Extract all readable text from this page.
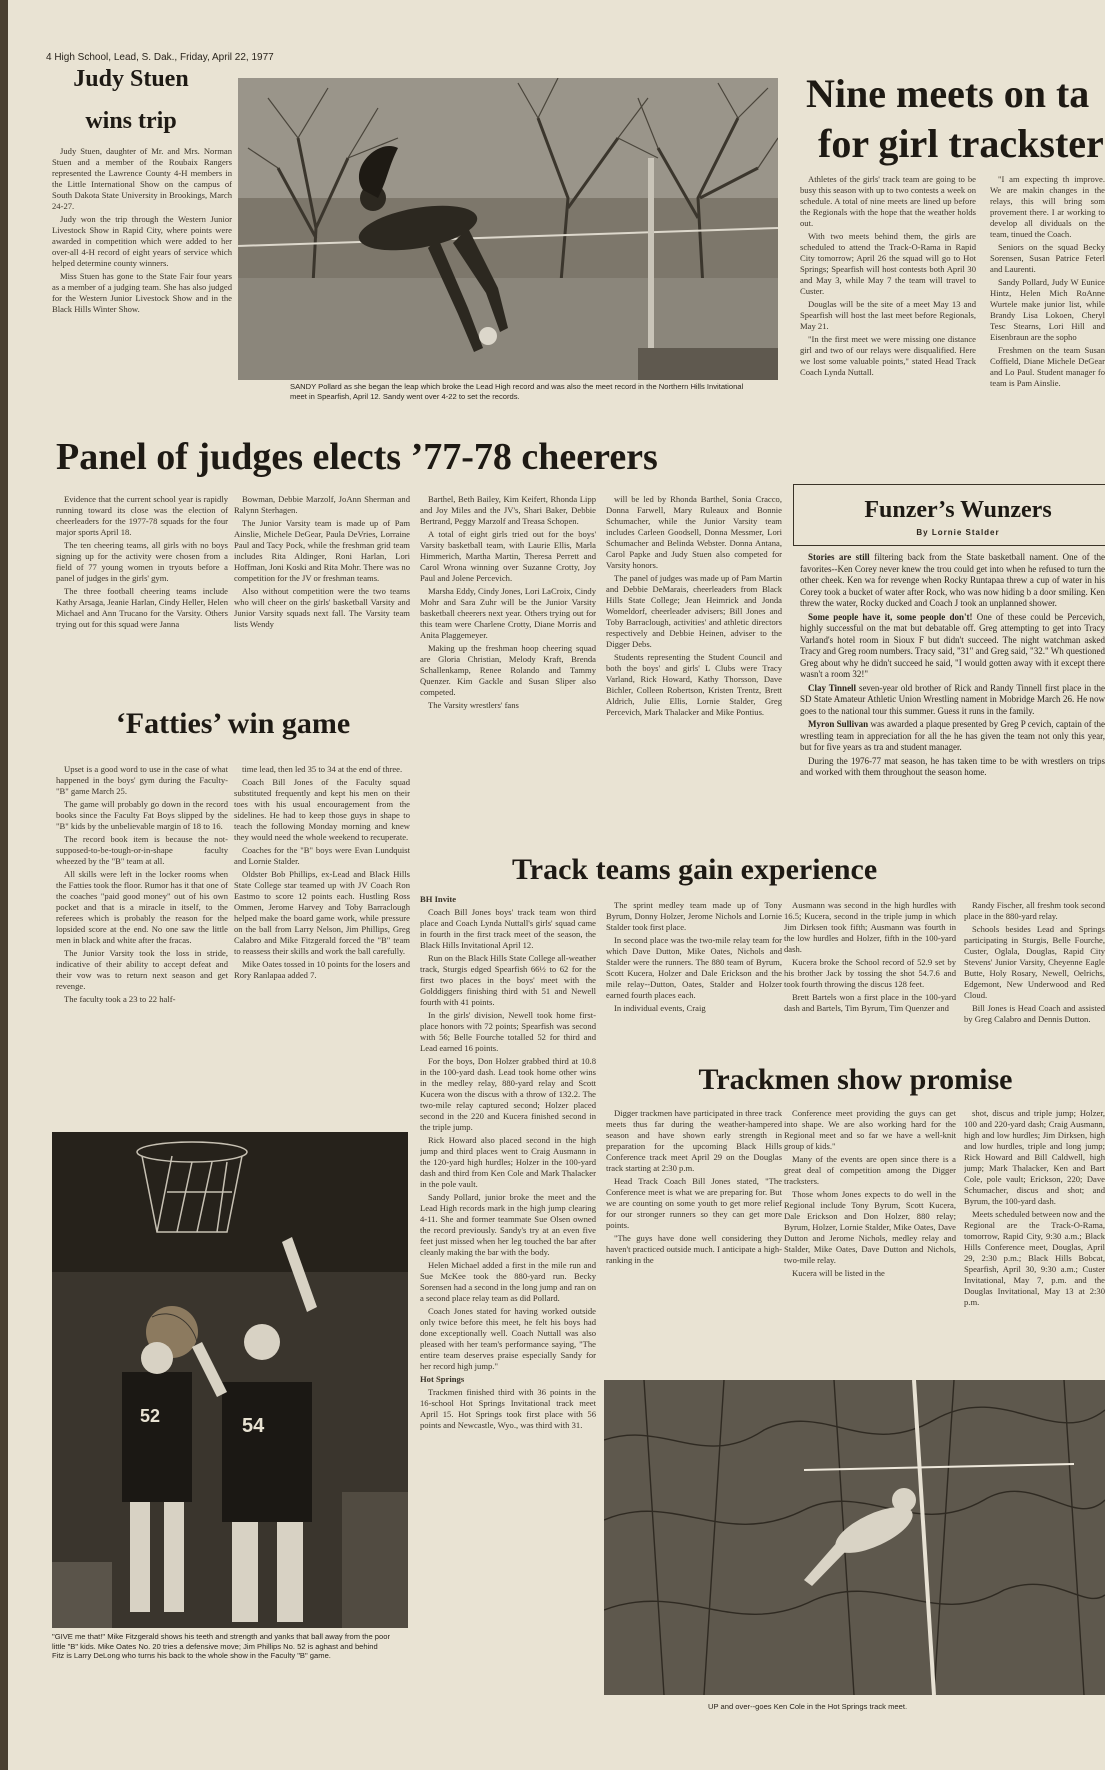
4 High School, Lead, S. Dak., Friday, April 22, 1977
Judy Stuen
wins trip

Judy Stuen, daughter of Mr. and Mrs. Norman Stuen and a member of the Roubaix Rangers represented the Lawrence County 4-H members in the Little International Show on the campus of South Dakota State University in Brookings, March 24-27.

Judy won the trip through the Western Junior Livestock Show in Rapid City, where points were awarded in competition which were added to her over-all 4-H record of eight years of service which helped determine county winners.

Miss Stuen has gone to the State Fair four years as a member of a judging team. She has also judged for the Western Junior Livestock Show and in the Black Hills Winter Show.

SANDY Pollard as she began the leap which broke the Lead High record and was also the meet record in the Northern Hills Invitational meet in Spearfish, April 12. Sandy went over 4-22 to set the records.
Nine meets on ta
for girl trackster

Athletes of the girls' track team are going to be busy this season with up to two contests a week on schedule. A total of nine meets are lined up before the Regionals with the hope that the weather holds out.

With two meets behind them, the girls are scheduled to attend the Track-O-Rama in Rapid City tomorrow; April 26 the squad will go to Hot Springs; Spearfish will host contests both April 30 and May 3, while May 7 the team will travel to Custer.

Douglas will be the site of a meet May 13 and Spearfish will host the last meet before Regionals, May 21.

"In the first meet we were missing one distance girl and two of our relays were disqualified. Here we lost some valuable points," stated Head Track Coach Lynda Nuttall.

"I am expecting th improve. We are makin changes in the relays, this will bring som provement there. I ar working to develop all dividuals on the team, tinued the Coach.

Seniors on the squad Becky Sorensen, Susan Patrice Feterl and Laurenti.

Sandy Pollard, Judy W Eunice Hintz, Helen Mich RoAnne Wurtele make junior list, while Brandy Lisa Lokoen, Cheryl Tesc Stearns, Lori Hill and Eisenbraun are the sopho

Freshmen on the team Susan Coffield, Diane Michele DeGear and Lo Paul. Student manager fo team is Pam Ainslie.

Panel of judges elects ’77-78 cheerers

Evidence that the current school year is rapidly running toward its close was the election of cheerleaders for the 1977-78 squads for the four major sports April 18.

The ten cheering teams, all girls with no boys signing up for the activity were chosen from a field of 77 young women in tryouts before a panel of judges in the girls' gym.

The three football cheering teams include Kathy Arsaga, Jeanie Harlan, Cindy Heller, Helen Michael and Ann Trucano for the Varsity. Others trying out for this squad were Janna

Bowman, Debbie Marzolf, JoAnn Sherman and Ralynn Sterhagen.

The Junior Varsity team is made up of Pam Ainslie, Michele DeGear, Paula DeVries, Lorraine Paul and Tacy Pock, while the freshman grid team includes Rita Aldinger, Roni Harlan, Lori Hoffman, Joni Koski and Rita Mohr. There was no competition for the JV or freshman teams.

Also without competition were the two teams who will cheer on the girls' basketball Varsity and Junior Varsity squads next fall. The Varsity team lists Wendy

Barthel, Beth Bailey, Kim Keifert, Rhonda Lipp and Joy Miles and the JV's, Shari Baker, Debbie Bertrand, Peggy Marzolf and Treasa Schopen.

A total of eight girls tried out for the boys' Varsity basketball team, with Laurie Ellis, Marla Himmerich, Martha Martin, Theresa Perrett and Carol Wrona winning over Suzanne Crotty, Joy Paul and Jolene Percevich.

Marsha Eddy, Cindy Jones, Lori LaCroix, Cindy Mohr and Sara Zuhr will be the Junior Varsity basketball cheerers next year. Others trying out for this team were Charlene Crotty, Diane Morris and Anita Plaggemeyer.

Making up the freshman hoop cheering squad are Gloria Christian, Melody Kraft, Brenda Schallenkamp, Renee Rolando and Tammy Quenzer. Kim Gackle and Susan Sliper also competed.

The Varsity wrestlers' fans

will be led by Rhonda Barthel, Sonia Cracco, Donna Farwell, Mary Ruleaux and Bonnie Schumacher, while the Junior Varsity team includes Carleen Goodsell, Donna Messmer, Lori Schumacher and Belinda Webster. Donna Antana, Carol Papke and Judy Stuen also competed for Varsity honors.

The panel of judges was made up of Pam Martin and Debbie DeMarais, cheerleaders from Black Hills State College; Jean Heimrick and Jonda Womeldorf, cheerleader advisers; Bill Jones and Toby Barraclough, activities' and athletic directors respectively and Debbie Heinen, adviser to the Digger Debs.

Students representing the Student Council and both the boys' and girls' L Clubs were Tracy Varland, Rick Howard, Kathy Thorsson, Dave Bichler, Colleen Robertson, Kristen Trentz, Brett Aldrich, Julie Ellis, Lornie Stalder, Greg Percevich, Mark Thalacker and Mike Pontius.

Funzer’s Wunzers
By Lornie Stalder

Stories are still filtering back from the State basketball nament. One of the favorites--Ken Corey never knew the trou could get into when he refused to turn the other cheek. Ken wa for revenge when Rocky Runtapaa threw a cup of water in his Corey took a bucket of water after Rock, who was now hiding b a door smiling. Ken threw the water, Rocky ducked and Coach J took an unplanned shower.

Some people have it, some people don't! One of these could be Percevich, highly successful on the mat but debatable off. Greg attempting to get into Tracy Varland's hotel room in Sioux F but didn't succeed. The night watchman asked Tracy and Greg room numbers. Tracy said, "31" and Greg said, "32." Wh questioned Greg about why he didn't succeed he said, "I would gotten away with it except there wasn't a room 32!"

Clay Tinnell seven-year old brother of Rick and Randy Tinnell first place in the SD State Amateur Athletic Union Wrestling nament in Mobridge March 26. He now goes to the national tour this summer. Guess it runs in the family.

Myron Sullivan was awarded a plaque presented by Greg P cevich, captain of the wrestling team in appreciation for all the he has given the team not only this year, but for five years as tra and student manager.

During the 1976-77 mat season, he has taken time to be with wrestlers on trips and worked with them throughout the season home.

‘Fatties’ win game

Upset is a good word to use in the case of what happened in the boys' gym during the Faculty-"B" game March 25.

The game will probably go down in the record books since the Faculty Fat Boys slipped by the "B" kids by the unbelievable margin of 18 to 16.

The record book item is because the not-supposed-to-be-tough-or-in-shape faculty wheezed by the "B" team at all.

All skills were left in the locker rooms when the Fatties took the floor. Rumor has it that one of the coaches "paid good money" out of his own pocket and that is a miracle in itself, to the referees which is probably the reason for the lopsided score at the end. No one saw the little men in black and white after the fracas.

The Junior Varsity took the loss in stride, indicative of their ability to accept defeat and their vow was to return next season and get revenge.

The faculty took a 23 to 22 half-

time lead, then led 35 to 34 at the end of three.

Coach Bill Jones of the Faculty squad substituted frequently and kept his men on their toes with his usual encouragement from the sidelines. He had to keep those guys in shape to teach the following Monday morning and knew they would need the whole weekend to recuperate.

Coaches for the "B" boys were Evan Lundquist and Lornie Stalder.

Oldster Bob Phillips, ex-Lead and Black Hills State College star teamed up with JV Coach Ron Eastmo to score 12 points each. Hustling Ross Ommen, Jerome Harvey and Toby Barraclough helped make the board game work, while pressure on the ball from Larry Nelson, Jim Phillips, Greg Calabro and Mike Fitzgerald forced the "B" team to reassess their skills and work the ball carefully.

Mike Oates tossed in 10 points for the losers and Rory Ranlapaa added 7.

52	54
"GIVE me that!" Mike Fitzgerald shows his teeth and strength and yanks that ball away from the poor little "B" kids. Mike Oates No. 20 tries a defensive move; Jim Phillips No. 52 is aghast and behind Fitz is Larry DeLong who turns his back to the whole show in the Faculty "B" game.
Track teams gain experience

BH Invite

Coach Bill Jones boys' track team won third place and Coach Lynda Nuttall's girls' squad came in fourth in the first track meet of the season, the Black Hills Invitational April 12.

Run on the Black Hills State College all-weather track, Sturgis edged Spearfish 66½ to 62 for the first two places in the boys' meet with the Golddiggers finishing third with 51 and Newell fourth with 41 points.

In the girls' division, Newell took home first-place honors with 72 points; Spearfish was second with 56; Belle Fourche totalled 52 for third and Lead earned 16 points.

For the boys, Don Holzer grabbed third at 10.8 in the 100-yard dash. Lead took home other wins in the medley relay, 880-yard relay and Scott Kucera won the discus with a throw of 132.2. The two-mile relay captured second; Holzer placed second in the 220 and Kucera finished second in the triple jump.

Rick Howard also placed second in the high jump and third places went to Craig Ausmann in the 120-yard high hurdles; Holzer in the 100-yard dash and third from Ken Cole and Mark Thalacker in the pole vault.

Sandy Pollard, junior broke the meet and the Lead High records mark in the high jump clearing 4-11. She and former teammate Sue Olsen owned the record previously. Sandy's try at an even five feet just missed when her leg touched the bar after cleanly making the bar with the body.

Helen Michael added a first in the mile run and Sue McKee took the 880-yard run. Becky Sorensen had a second in the long jump and ran on a second place relay team as did Pollard.

Coach Jones stated for having worked outside only twice before this meet, he felt his boys had done exceptionally well. Coach Nuttall was also pleased with her team's performance saying, "The entire team deserves praise especially Sandy for her record high jump."

Hot Springs

Trackmen finished third with 36 points in the 16-school Hot Springs Invitational track meet April 15. Hot Springs took first place with 56 points and Newcastle, Wyo., was third with 31.

The sprint medley team made up of Tony Byrum, Donny Holzer, Jerome Nichols and Lornie Stalder took first place.

In second place was the two-mile relay team for which Dave Dutton, Mike Oates, Nichols and Stalder were the runners. The 880 team of Byrum, Scott Kucera, Holzer and Dale Erickson and the mile relay--Dutton, Oates, Stalder and Holzer earned fourth places each.

In individual events, Craig

Ausmann was second in the high hurdles with 16.5; Kucera, second in the triple jump in which Jim Dirksen took fifth; Ausmann was fourth in the low hurdles and Holzer, fifth in the 100-yard dash.

Kucera broke the School record of 52.9 set by his brother Jack by tossing the shot 54.7.6 and took fourth throwing the discus 128 feet.

Brett Bartels won a first place in the 100-yard dash and Bartels, Tim Byrum, Tim Quenzer and

Randy Fischer, all freshm took second place in the 880-yard relay.

Schools besides Lead and Springs participating in Sturgis, Belle Fourche, Custer, Oglala, Douglas, Rapid City Stevens' Junior Varsity, Cheyenne Eagle Butte, Holy Rosary, Newell, Oelrichs, Edgemont, New Underwood and Red Cloud.

Bill Jones is Head Coach and assisted by Greg Calabro and Dennis Dutton.

Trackmen show promise

Digger trackmen have participated in three track meets thus far during the weather-hampered season and have shown early strength in preparation for the upcoming Black Hills Conference track meet April 29 on the Douglas track starting at 2:30 p.m.

Head Track Coach Bill Jones stated, "The Conference meet is what we are preparing for. But we are counting on some youth to get more relief for our stronger runners so they can get more points.

"The guys have done well considering they haven't practiced outside much. I anticipate a high-ranking in the

Conference meet providing the guys can get into shape. We are also working hard for the Regional meet and so far we have a well-knit group of kids."

Many of the events are open since there is a great deal of competition among the Digger tracksters.

Those whom Jones expects to do well in the Regional include Tony Byrum, Scott Kucera, Dale Erickson and Don Holzer, 880 relay; Byrum, Holzer, Lornie Stalder, Mike Oates, Dave Dutton and Jerome Nichols, medley relay and Stalder, Mike Oates, Dave Dutton and Nichols, two-mile relay.

Kucera will be listed in the

shot, discus and triple jump; Holzer, 100 and 220-yard dash; Craig Ausmann, high and low hurdles; Jim Dirksen, high and low hurdles, triple and long jump; Rick Howard and Bill Caldwell, high jump; Mark Thalacker, Ken and Bart Cole, pole vault; Erickson, 220; Dave Schumacher, discus and shot; and Byrum, the 100-yard dash.

Meets scheduled between now and the Regional are the Track-O-Rama, tomorrow, Rapid City, 9:30 a.m.; Black Hills Conference meet, Douglas, April 29, 2:30 p.m.; Black Hills Bobcat, Spearfish, April 30, 9:30 a.m.; Custer Invitational, May 7, p.m. and the Douglas Invitational, May 13 at 2:30 p.m.

UP and over--goes Ken Cole in the Hot Springs track meet.
